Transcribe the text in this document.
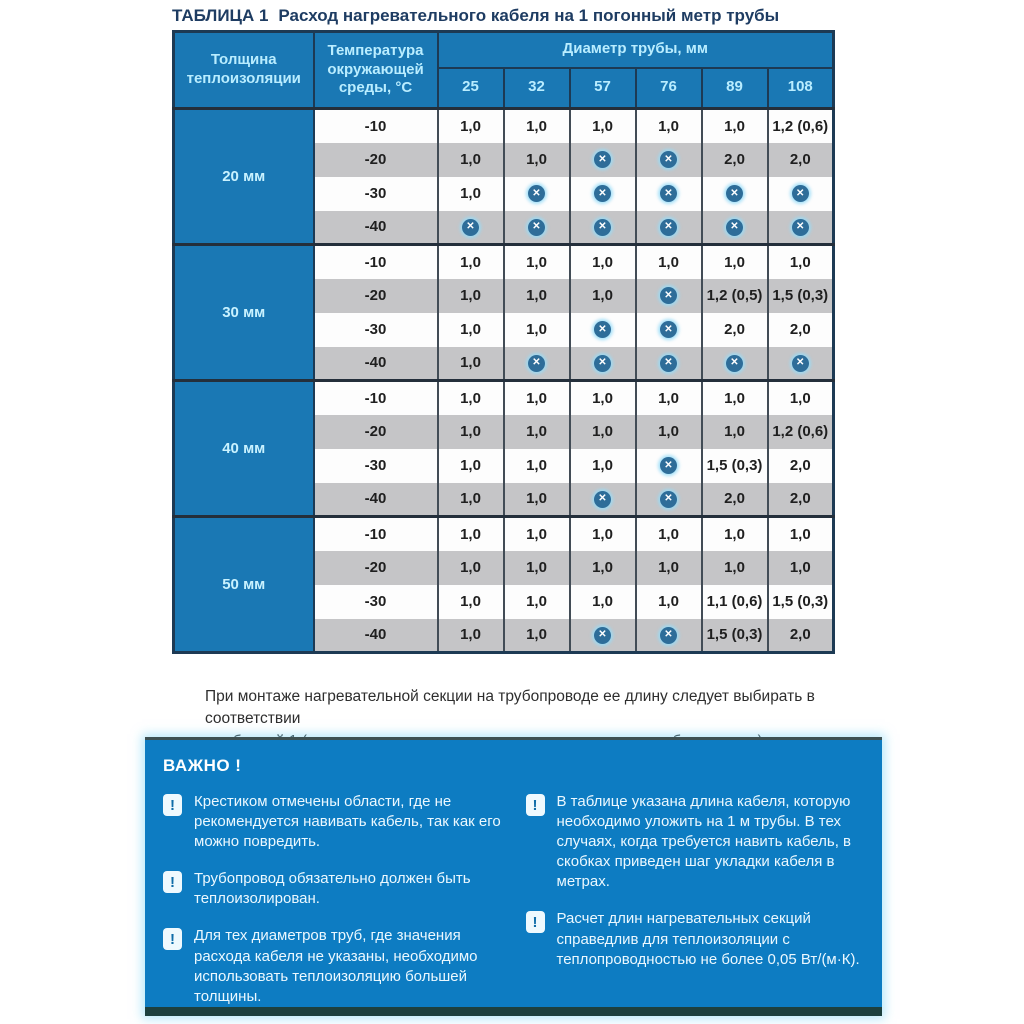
ТАБЛИЦА 1 Расход нагревательного кабеля на 1 погонный метр трубы
Толщина теплоизоляции	Температура окружающей среды, °С	Диаметр трубы, мм					
		25	32	57	76	89	108
20 мм	-10	1,0	1,0	1,0	1,0	1,0	1,2 (0,6)
	-20	1,0	1,0	✕	✕	2,0	2,0
	-30	1,0	✕	✕	✕	✕	✕
	-40	✕	✕	✕	✕	✕	✕
30 мм	-10	1,0	1,0	1,0	1,0	1,0	1,0
	-20	1,0	1,0	1,0	✕	1,2 (0,5)	1,5 (0,3)
	-30	1,0	1,0	✕	✕	2,0	2,0
	-40	1,0	✕	✕	✕	✕	✕
40 мм	-10	1,0	1,0	1,0	1,0	1,0	1,0
	-20	1,0	1,0	1,0	1,0	1,0	1,2 (0,6)
	-30	1,0	1,0	1,0	✕	1,5 (0,3)	2,0
	-40	1,0	1,0	✕	✕	2,0	2,0
50 мм	-10	1,0	1,0	1,0	1,0	1,0	1,0
	-20	1,0	1,0	1,0	1,0	1,0	1,0
	-30	1,0	1,0	1,0	1,0	1,1 (0,6)	1,5 (0,3)
	-40	1,0	1,0	✕	✕	1,5 (0,3)	2,0
При монтаже нагревательной секции на трубопроводе ее длину следует выбирать в соответствии
ВАЖНО !
!	Крестиком отмечены области, где не рекомендуется навивать кабель, так как его можно повредить.
!	Трубопровод обязательно должен быть теплоизолирован.
!	Для тех диаметров труб, где значения расхода кабеля не указаны, необходимо использовать теплоизоляцию большей толщины.
!	В таблице указана длина кабеля, которую необходимо уложить на 1 м трубы. В тех случаях, когда требуется навить кабель, в скобках приведен шаг укладки кабеля в метрах.
!	Расчет длин нагревательных секций справедлив для теплоизоляции с теплопроводностью не более 0,05 Вт/(м·К).
